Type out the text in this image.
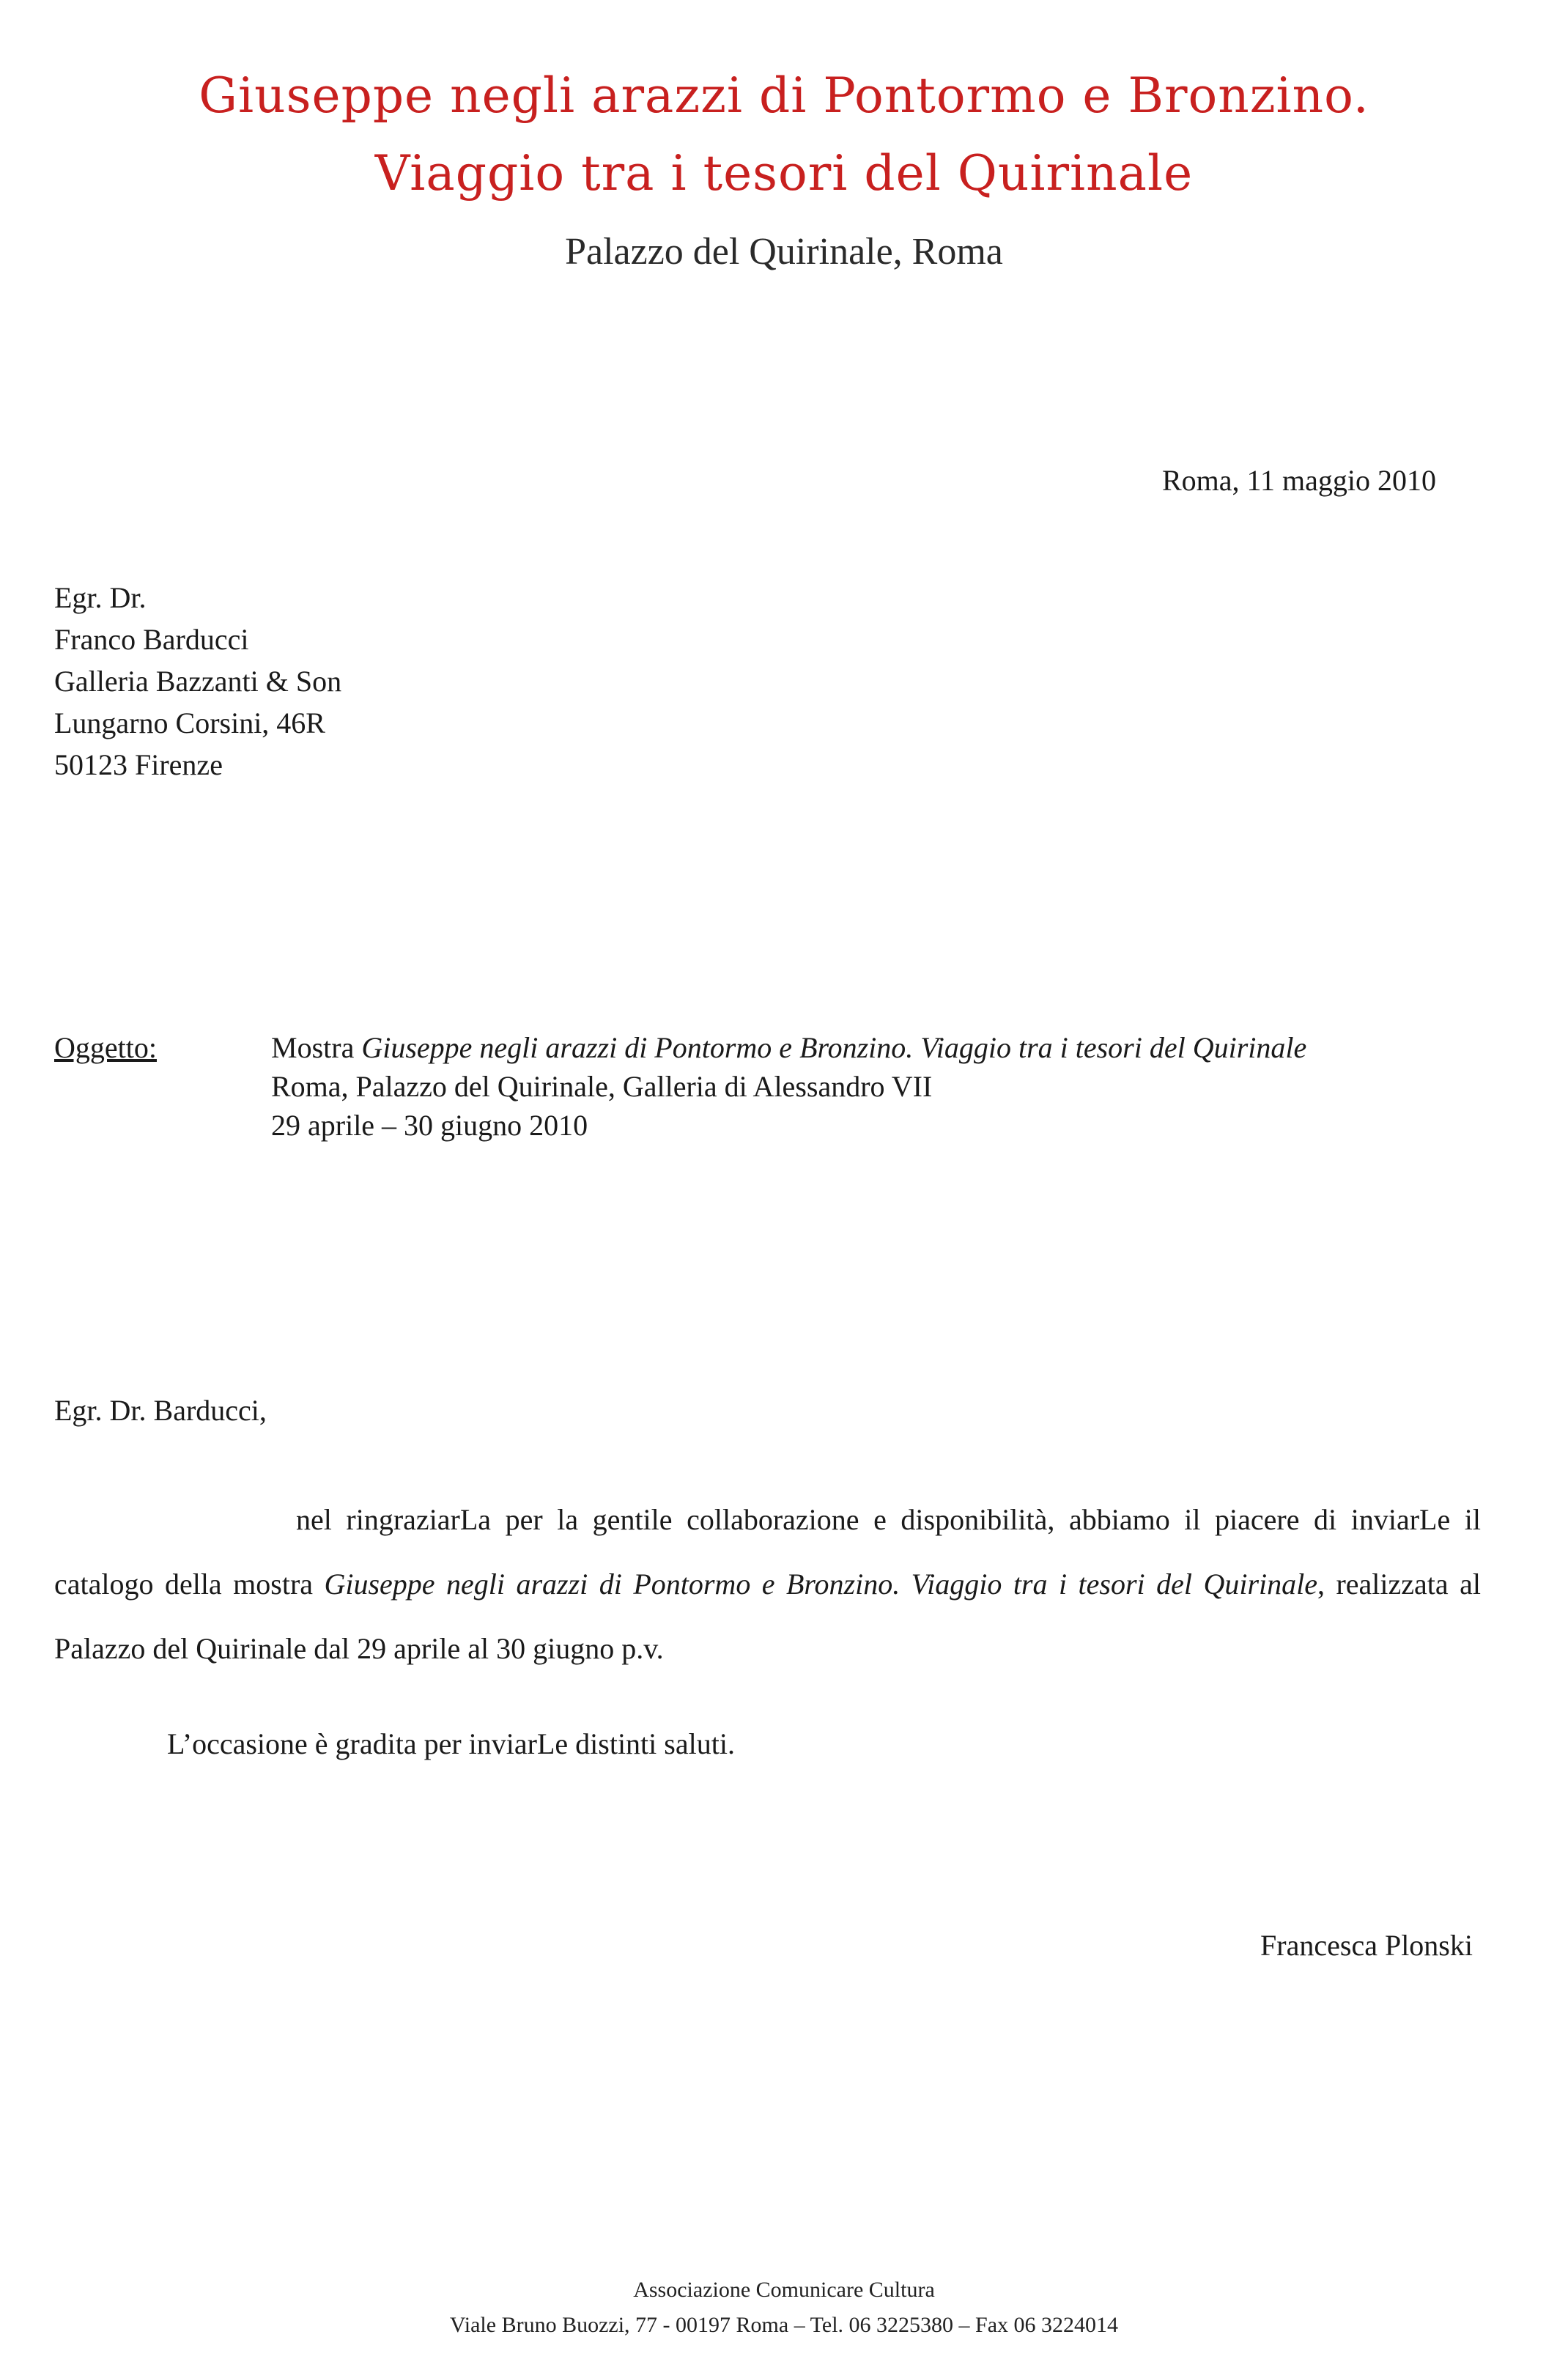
Giuseppe negli arazzi di Pontormo e Bronzino.
Viaggio tra i tesori del Quirinale
Palazzo del Quirinale, Roma
Roma, 11 maggio 2010
Egr. Dr.
Franco Barducci
Galleria Bazzanti & Son
Lungarno Corsini, 46R
50123 Firenze
Oggetto:	Mostra Giuseppe negli arazzi di Pontormo e Bronzino. Viaggio tra i tesori del Quirinale
Roma, Palazzo del Quirinale, Galleria di Alessandro VII
29 aprile – 30 giugno 2010
Egr. Dr. Barducci,
nel ringraziarLa per la gentile collaborazione e disponibilità, abbiamo il piacere di inviarLe il catalogo della mostra Giuseppe negli arazzi di Pontormo e Bronzino. Viaggio tra i tesori del Quirinale, realizzata al Palazzo del Quirinale dal 29 aprile al 30 giugno p.v.
L’occasione è gradita per inviarLe distinti saluti.
Francesca Plonski
Associazione Comunicare Cultura
Viale Bruno Buozzi, 77 - 00197 Roma – Tel. 06 3225380 – Fax 06 3224014
